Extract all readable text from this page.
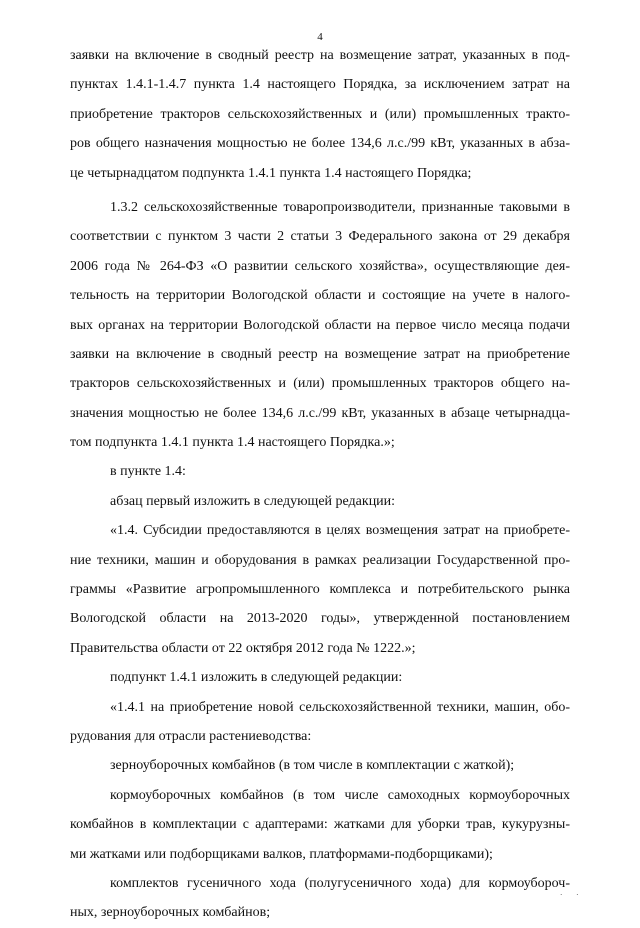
4
заявки на включение в сводный реестр на возмещение затрат, указанных в под-
пунктах 1.4.1-1.4.7 пункта 1.4 настоящего Порядка, за исключением затрат на
приобретение тракторов сельскохозяйственных и (или) промышленных тракто-
ров общего назначения мощностью не более 134,6 л.с./99 кВт, указанных в абза-
це четырнадцатом подпункта 1.4.1 пункта 1.4 настоящего Порядка;
1.3.2 сельскохозяйственные товаропроизводители, признанные таковыми в
соответствии с пунктом 3 части 2 статьи 3 Федерального закона от 29 декабря
2006 года № 264-ФЗ «О развитии сельского хозяйства», осуществляющие дея-
тельность на территории Вологодской области и состоящие на учете в налого-
вых органах на территории Вологодской области на первое число месяца подачи
заявки на включение в сводный реестр на возмещение затрат на приобретение
тракторов сельскохозяйственных и (или) промышленных тракторов общего на-
значения мощностью не более 134,6 л.с./99 кВт, указанных в абзаце четырнадца-
том подпункта 1.4.1 пункта 1.4 настоящего Порядка.»;
в пункте 1.4:
абзац первый изложить в следующей редакции:
«1.4. Субсидии предоставляются в целях возмещения затрат на приобрете-
ние техники, машин и оборудования в рамках реализации Государственной про-
граммы «Развитие агропромышленного комплекса и потребительского рынка
Вологодской области на 2013-2020 годы», утвержденной постановлением
Правительства области от 22 октября 2012 года № 1222.»;
подпункт 1.4.1 изложить в следующей редакции:
«1.4.1 на приобретение новой сельскохозяйственной техники, машин, обо-
рудования для отрасли растениеводства:
зерноуборочных комбайнов (в том числе в комплектации с жаткой);
кормоуборочных комбайнов (в том числе самоходных кормоуборочных
комбайнов в комплектации с адаптерами: жатками для уборки трав, кукурузны-
ми жатками или подборщиками валков, платформами-подборщиками);
комплектов гусеничного хода (полугусеничного хода) для кормоубороч-
ных, зерноуборочных комбайнов;
· ·
